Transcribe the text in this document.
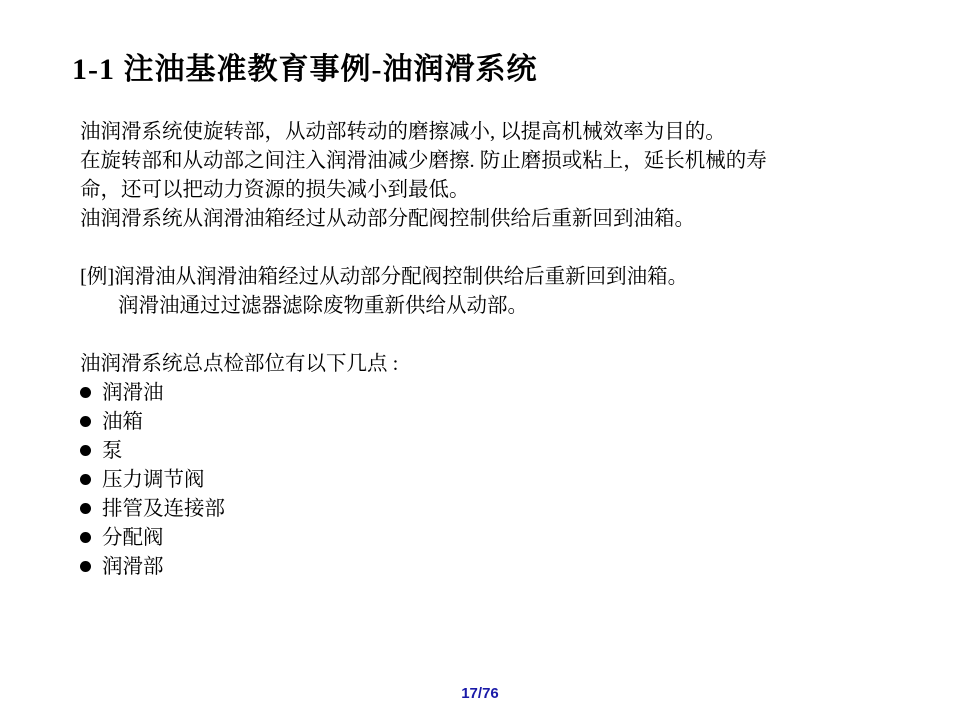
1-1 注油基准教育事例-油润滑系统
油润滑系统使旋转部，从动部转动的磨擦减小, 以提高机械效率为目的。
在旋转部和从动部之间注入润滑油减少磨擦. 防止磨损或粘上，延长机械的寿
命，还可以把动力资源的损失减小到最低。
油润滑系统从润滑油箱经过从动部分配阀控制供给后重新回到油箱。
[例]润滑油从润滑油箱经过从动部分配阀控制供给后重新回到油箱。
润滑油通过过滤器滤除废物重新供给从动部。
油润滑系统总点检部位有以下几点 :
润滑油
油箱
泵
压力调节阀
排管及连接部
分配阀
润滑部
17/76
